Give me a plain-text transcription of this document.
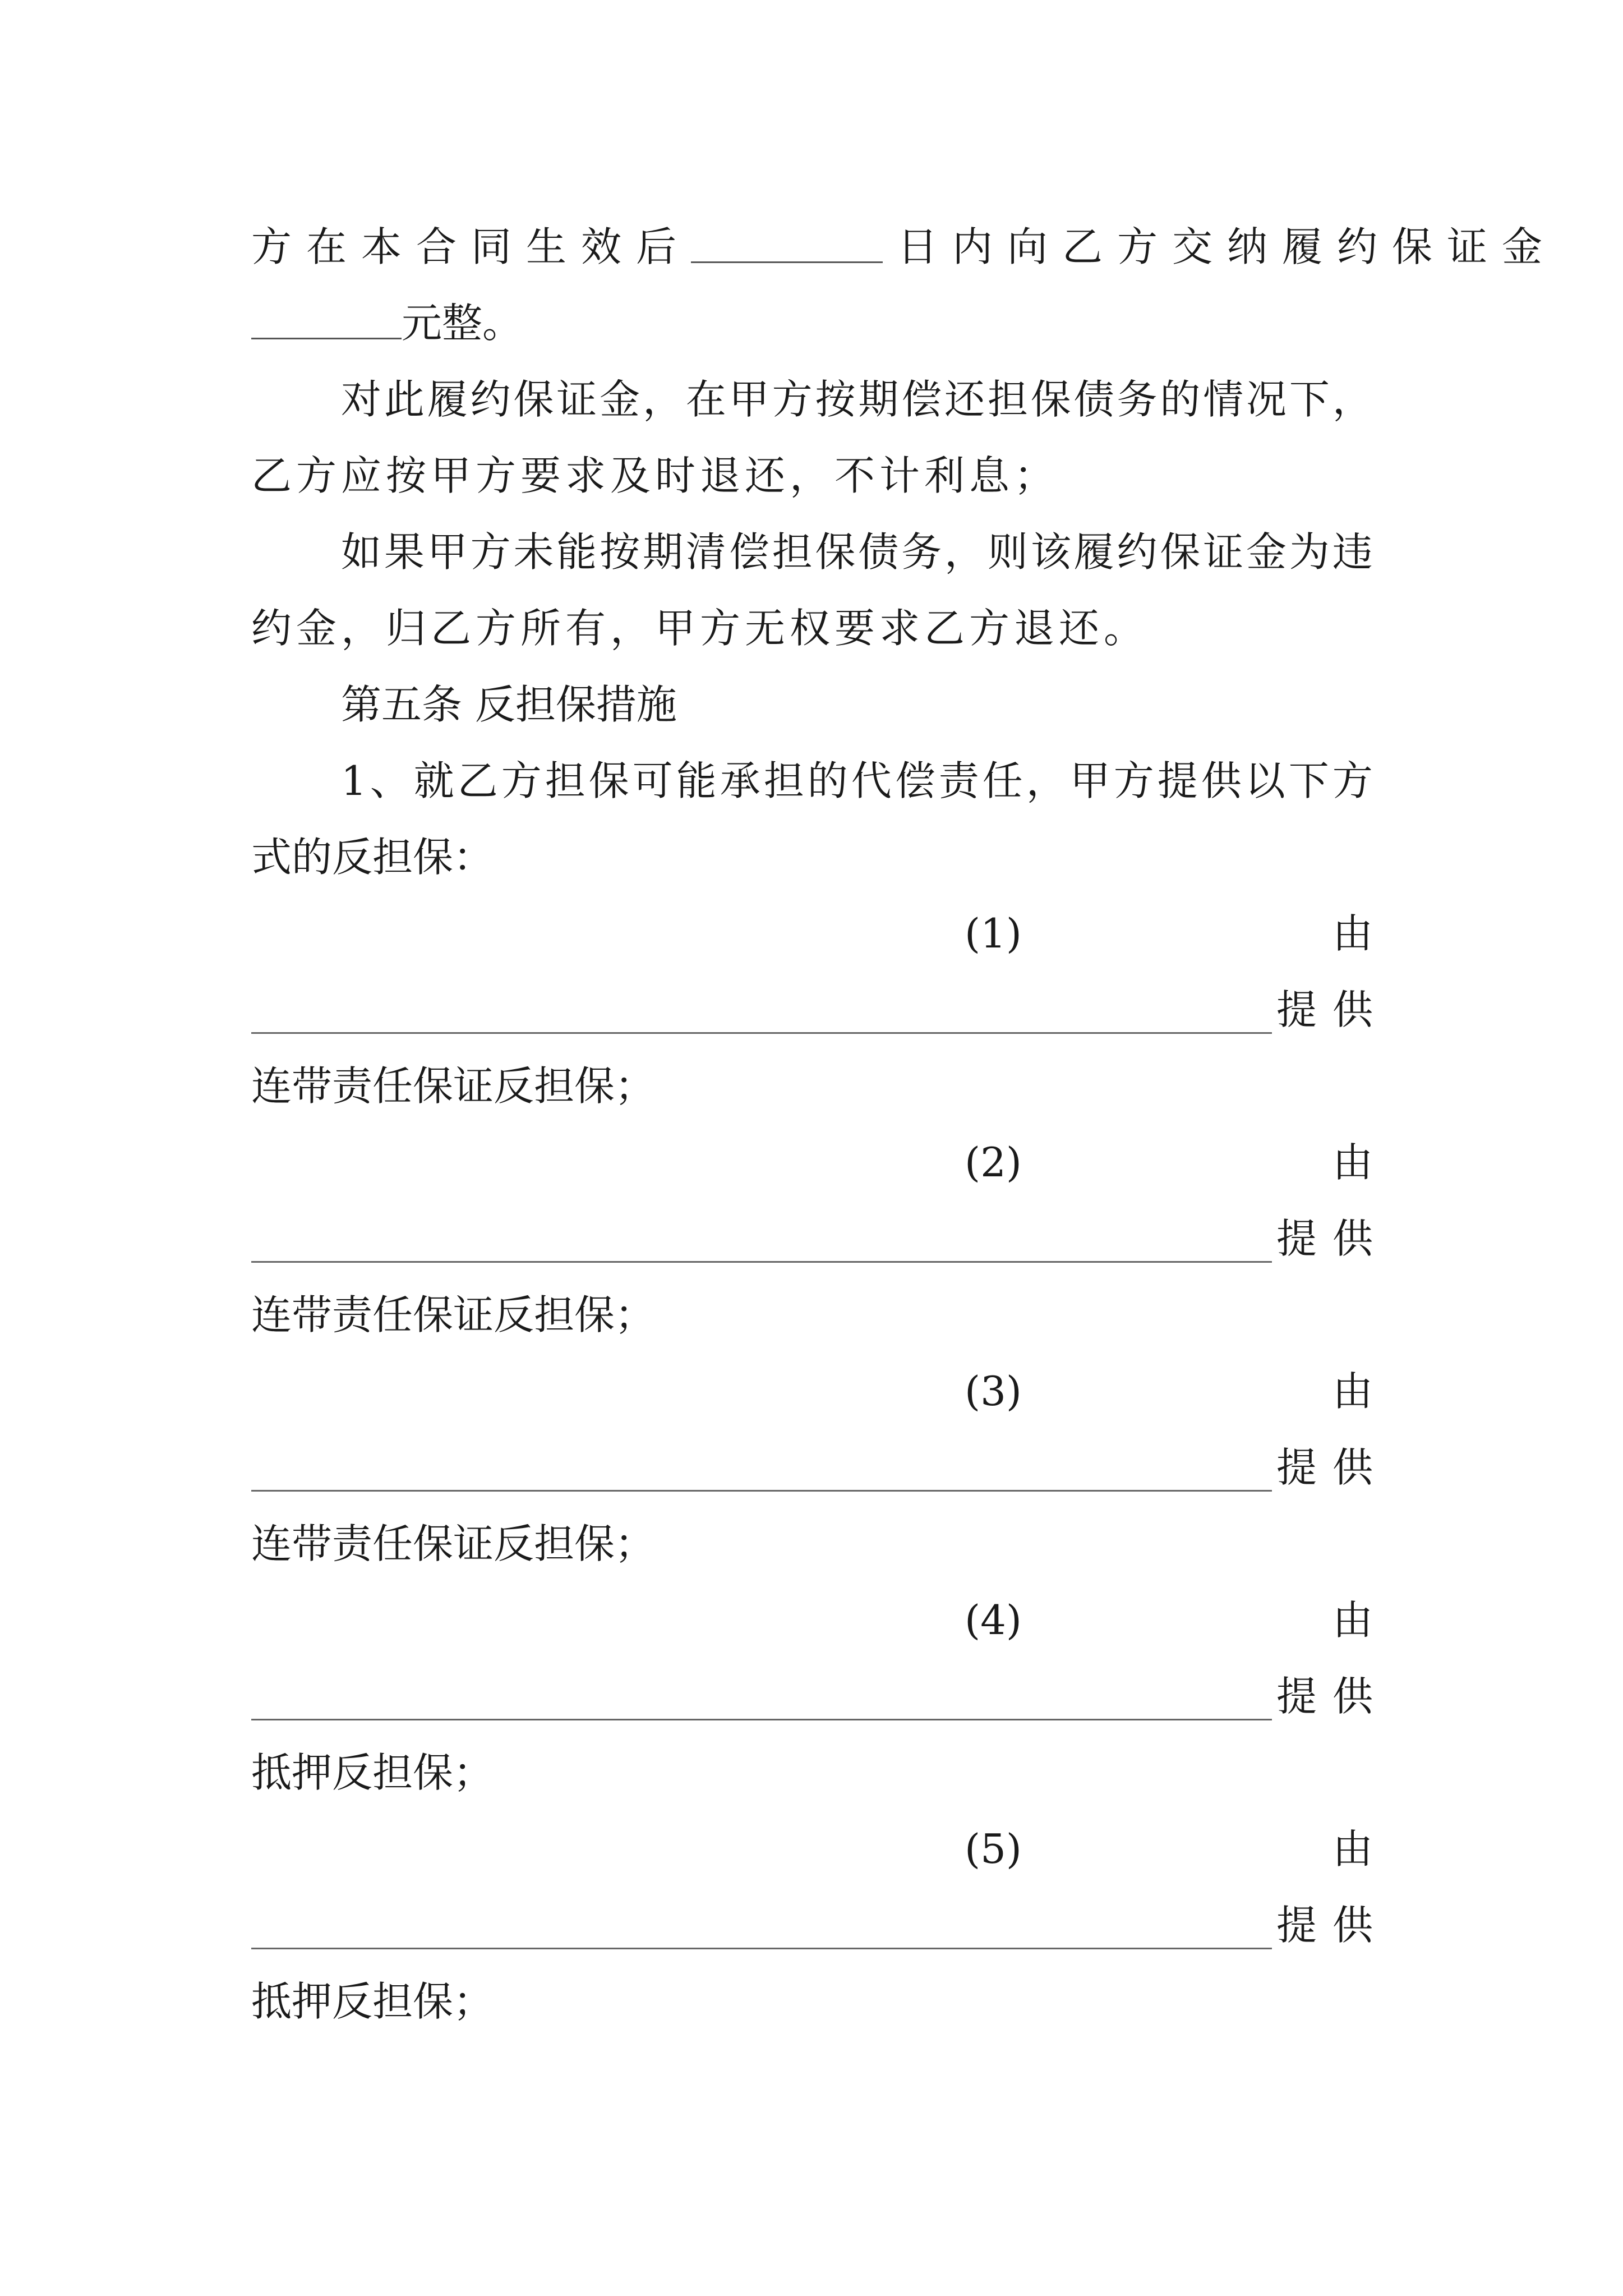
方在本合同生效后	日内向乙方交纳履约保证金
元整。
对 此 履 约 保 证 金 ， 在 甲 方 按 期 偿 还 担 保 债 务 的 情 况 下 ，
乙方应按甲方要求及时退还，不计利息；
如 果 甲 方 未 能 按 期 清 偿 担 保 债 务 ， 则 该 履 约 保 证 金 为 违
约金，归乙方所有，甲方无权要求乙方退还。
第五条 反担保措施
1 、 就 乙 方 担 保 可 能 承 担 的 代 偿 责 任 ， 甲 方 提 供 以 下 方
式的反担保：
(1)	由
提供
连带责任保证反担保；
(2)	由
提供
连带责任保证反担保；
(3)	由
提供
连带责任保证反担保；
(4)	由
提供
抵押反担保；
(5)	由
提供
抵押反担保；
